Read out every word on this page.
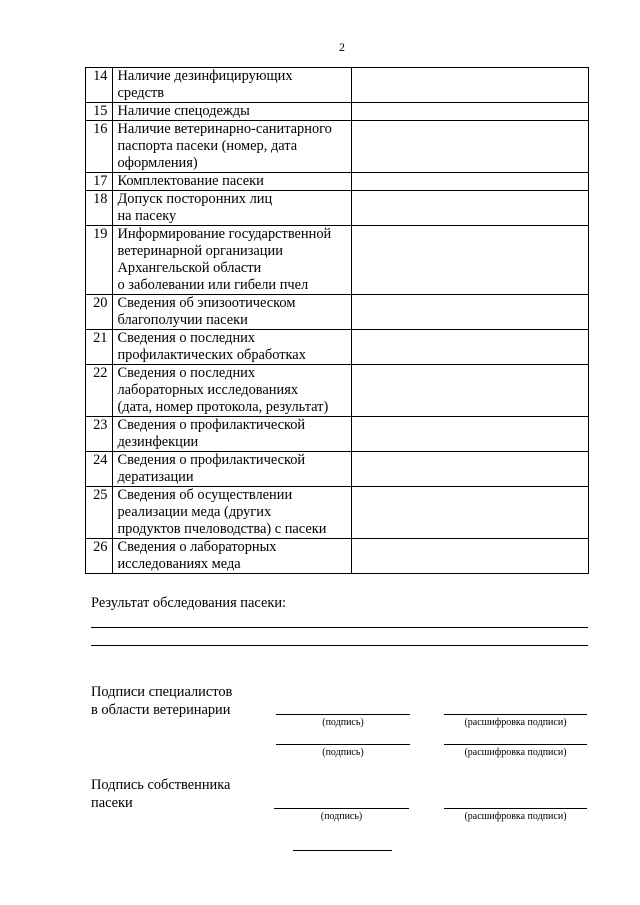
2
14	Наличие дезинфицирующих
средств	

15	Наличие спецодежды	

16	Наличие ветеринарно-санитарного
паспорта пасеки (номер, дата
оформления)	

17	Комплектование пасеки	

18	Допуск посторонних лиц
на пасеку	

19	Информирование государственной
ветеринарной организации
Архангельской области
о заболевании или гибели пчел	

20	Сведения об эпизоотическом
благополучии пасеки	

21	Сведения о последних
профилактических обработках	

22	Сведения о последних
лабораторных исследованиях
(дата, номер протокола, результат)	

23	Сведения о профилактической
дезинфекции	

24	Сведения о профилактической
дератизации	

25	Сведения об осуществлении
реализации меда (других
продуктов пчеловодства) с пасеки	

26	Сведения о лабораторных
исследованиях меда	

Результат обследования пасеки:
Подписи специалистов
в области ветеринарии
(подпись)	(расшифровка подписи)
(подпись)	(расшифровка подписи)
Подпись собственника
пасеки
(подпись)	(расшифровка подписи)
